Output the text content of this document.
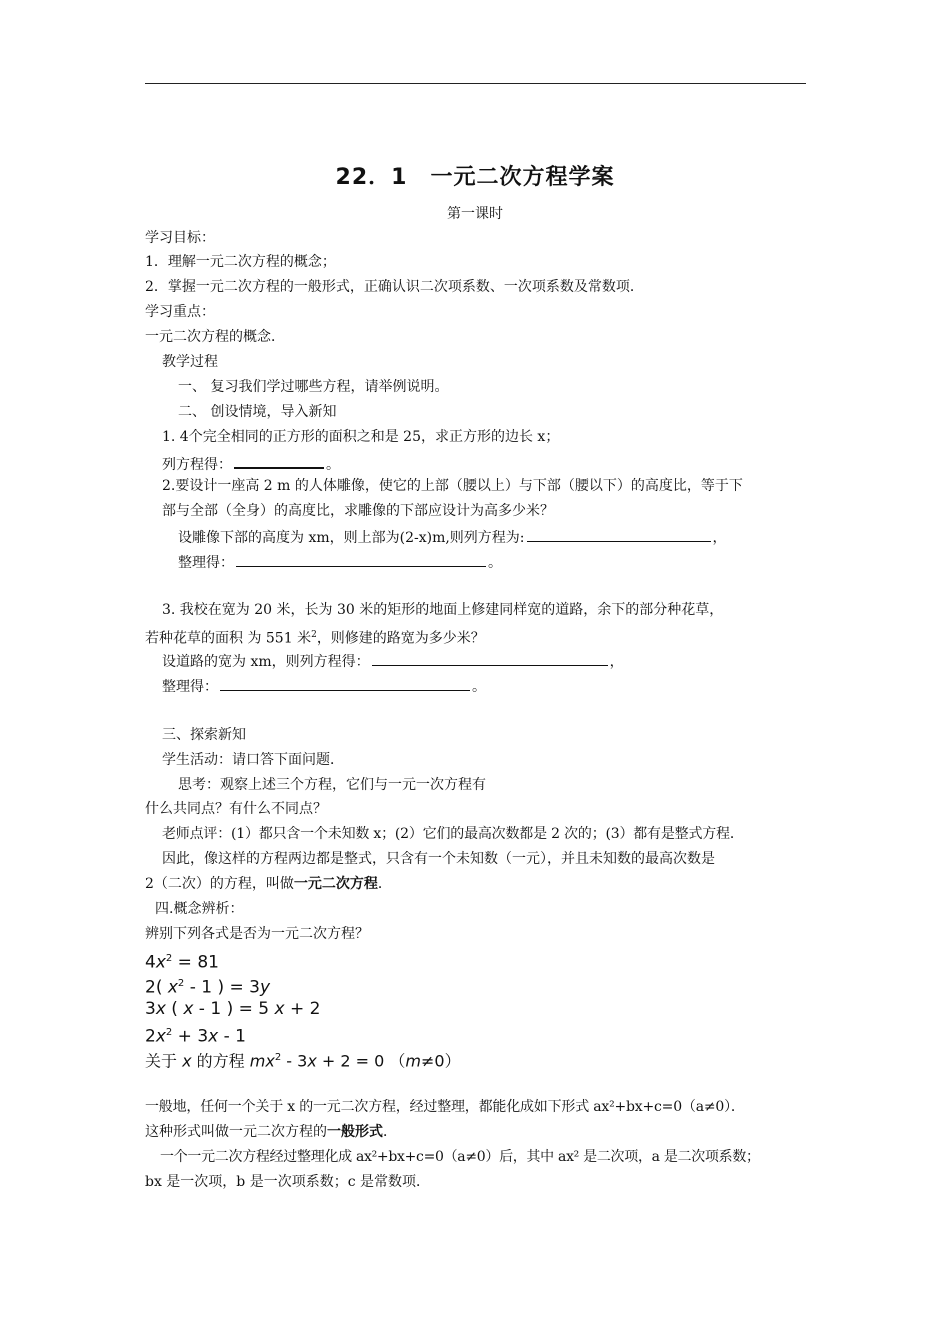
22．1　一元二次方程学案
第一课时
学习目标：
1．理解一元二次方程的概念；
2．掌握一元二次方程的一般形式，正确认识二次项系数、一次项系数及常数项．
学习重点：
一元二次方程的概念．
教学过程
一、 复习我们学过哪些方程，请举例说明。
二、 创设情境，导入新知
1. 4个完全相同的正方形的面积之和是 25，求正方形的边长 x；
列方程得：	。
2.要设计一座高 2 m 的人体雕像，使它的上部（腰以上）与下部（腰以下）的高度比，等于下
部与全部（全身）的高度比，求雕像的下部应设计为高多少米？
设雕像下部的高度为 xm，则上部为(2-x)m,则列方程为:	，
整理得：	。
3. 我校在宽为 20 米，长为 30 米的矩形的地面上修建同样宽的道路，余下的部分种花草，
若种花草的面积 为 551 米$^2$，则修建的路宽为多少米？
设道路的宽为 xm，则列方程得：	，
整理得：	。
三、探索新知
学生活动：请口答下面问题．
思考：观察上述三个方程，它们与一元一次方程有
什么共同点？有什么不同点？
老师点评：(1）都只含一个未知数 x；(2）它们的最高次数都是 2 次的；(3）都有是整式方程．
因此，像这样的方程两边都是整式，只含有一个未知数（一元），并且未知数的最高次数是
2（二次）的方程，叫做一元二次方程．
四.概念辨析：
辨别下列各式是否为一元二次方程？
$4x^2 = 81$
2( $x^2 - 1$ ) = 3y
3x ( x - 1 ) = 5 x + 2
$2x^2 + 3x - 1$
关于 x 的方程 $mx^2 - 3x + 2 = 0$ （m≠0）
一般地，任何一个关于 x 的一元二次方程，经过整理，都能化成如下形式 ax²+bx+c=0（a≠0）．
这种形式叫做一元二次方程的一般形式．
一个一元二次方程经过整理化成 ax²+bx+c=0（a≠0）后，其中 ax² 是二次项，a 是二次项系数；
bx 是一次项，b 是一次项系数；c 是常数项．
